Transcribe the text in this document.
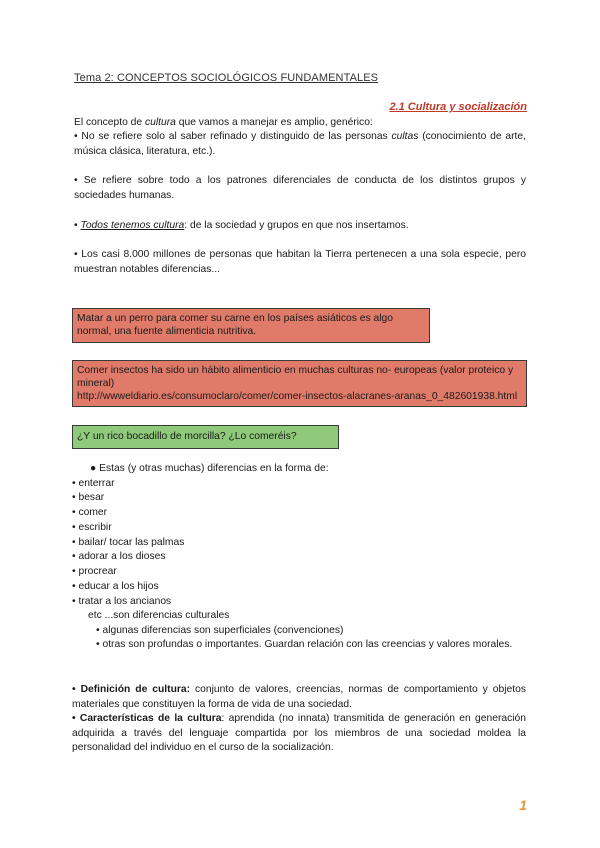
Tema 2: CONCEPTOS SOCIOLÓGICOS FUNDAMENTALES
2.1 Cultura y socialización
El concepto de cultura que vamos a manejar es amplio, genérico:
• No se refiere solo al saber refinado y distinguido de las personas cultas (conocimiento de arte, música clásica, literatura, etc.).
• Se refiere sobre todo a los patrones diferenciales de conducta de los distintos grupos y sociedades humanas.
• Todos tenemos cultura: de la sociedad y grupos en que nos insertamos.
• Los casi 8.000 millones de personas que habitan la Tierra pertenecen a una sola especie, pero muestran notables diferencias...
Matar a un perro para comer su carne en los países asiáticos es algo normal, una fuente alimenticia nutritiva.
Comer insectos ha sido un hábito alimenticio en muchas culturas no- europeas (valor proteico y mineral)
http://wwweldiario.es/consumoclaro/comer/comer-insectos-alacranes-aranas_0_482601938.html
¿Y un rico bocadillo de morcilla? ¿Lo comeréis?
● Estas (y otras muchas) diferencias en la forma de:
• enterrar
• besar
• comer
• escribir
• bailar/ tocar las palmas
• adorar a los dioses
• procrear
• educar a los hijos
• tratar a los ancianos
etc ...son diferencias culturales
• algunas diferencias son superficiales (convenciones)
• otras son profundas o importantes. Guardan relación con las creencias y valores morales.
• Definición de cultura: conjunto de valores, creencias, normas de comportamiento y objetos materiales que constituyen la forma de vida de una sociedad.
• Características de la cultura: aprendida (no innata) transmitida de generación en generación adquirida a través del lenguaje compartida por los miembros de una sociedad moldea la personalidad del individuo en el curso de la socialización.
1
